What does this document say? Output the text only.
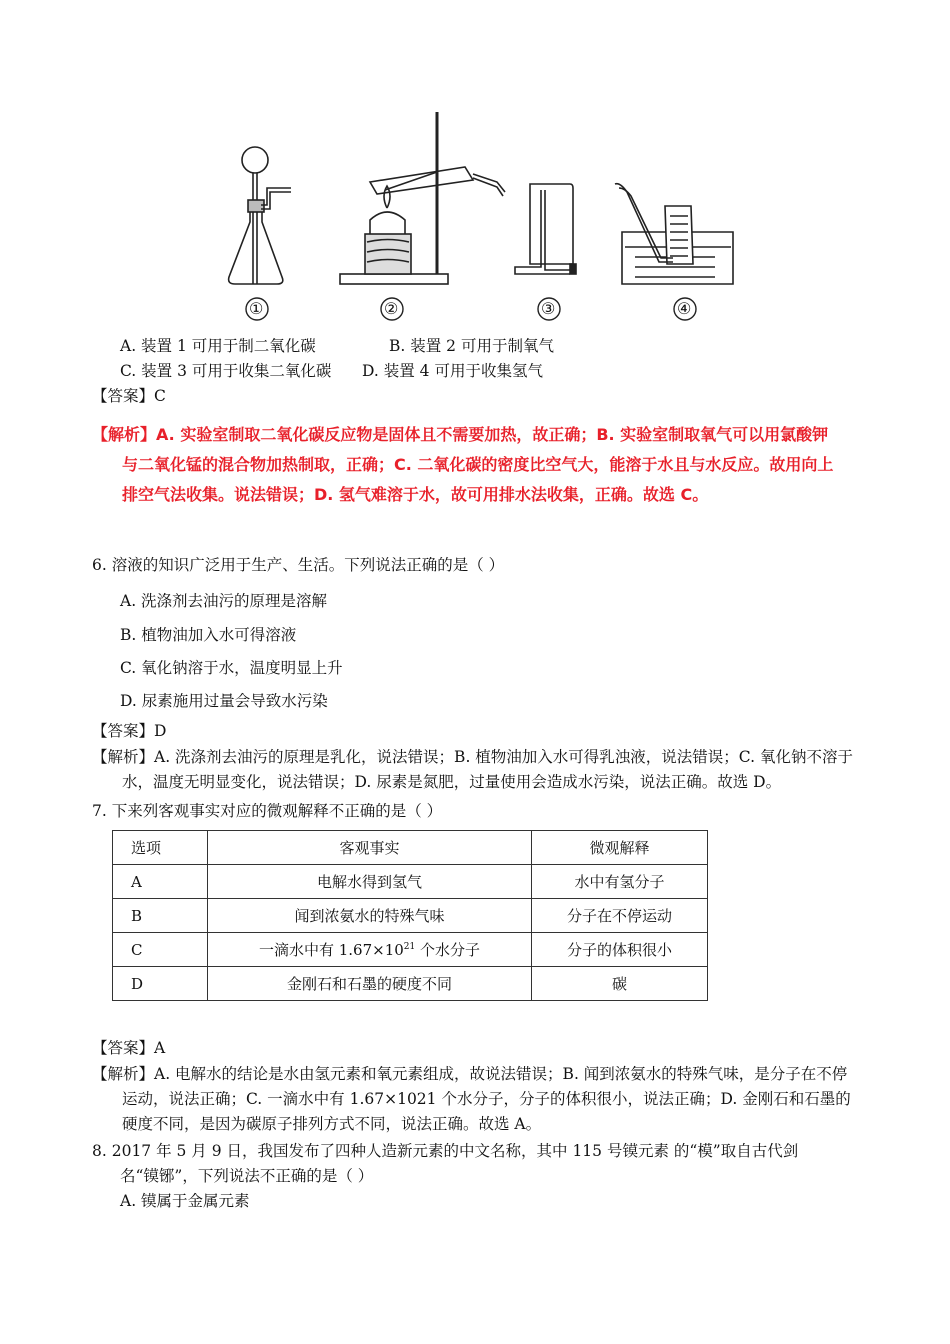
①	②	③	④
A. 装置 1 可用于制二氧化碳	B. 装置 2 可用于制氧气
C. 装置 3 可用于收集二氧化碳 D. 装置 4 可用于收集氢气
【答案】C
【解析】A. 实验室制取二氧化碳反应物是固体且不需要加热，故正确；B. 实验室制取氧气可以用氯酸钾
与二氧化锰的混合物加热制取，正确；C. 二氧化碳的密度比空气大，能溶于水且与水反应。故用向上
排空气法收集。说法错误；D. 氢气难溶于水，故可用排水法收集，正确。故选 C。
6. 溶液的知识广泛用于生产、生活。下列说法正确的是（ ）
A. 洗涤剂去油污的原理是溶解
B. 植物油加入水可得溶液
C. 氧化钠溶于水，温度明显上升
D. 尿素施用过量会导致水污染
【答案】D
【解析】A. 洗涤剂去油污的原理是乳化，说法错误；B. 植物油加入水可得乳浊液，说法错误；C. 氧化钠不溶于
水，温度无明显变化，说法错误；D. 尿素是氮肥，过量使用会造成水污染，说法正确。故选 D。
7. 下来列客观事实对应的微观解释不正确的是（ ）
选项	客观事实	微观解释
A	电解水得到氢气	水中有氢分子
B	闻到浓氨水的特殊气味	分子在不停运动
C	一滴水中有 $1.67\times 10^{21}$ 个水分子	分子的体积很小
D	金刚石和石墨的硬度不同	碳
【答案】A
【解析】A. 电解水的结论是水由氢元素和氧元素组成，故说法错误；B. 闻到浓氨水的特殊气味，是分子在不停
运动，说法正确；C. 一滴水中有 1.67×1021 个水分子，分子的体积很小，说法正确；D. 金刚石和石墨的
硬度不同，是因为碳原子排列方式不同，说法正确。故选 A。
8. 2017 年 5 月 9 日，我国发布了四种人造新元素的中文名称，其中 115 号镆元素 的“模”取自古代剑
名“镆铘”，下列说法不正确的是（ ）
A. 镆属于金属元素
